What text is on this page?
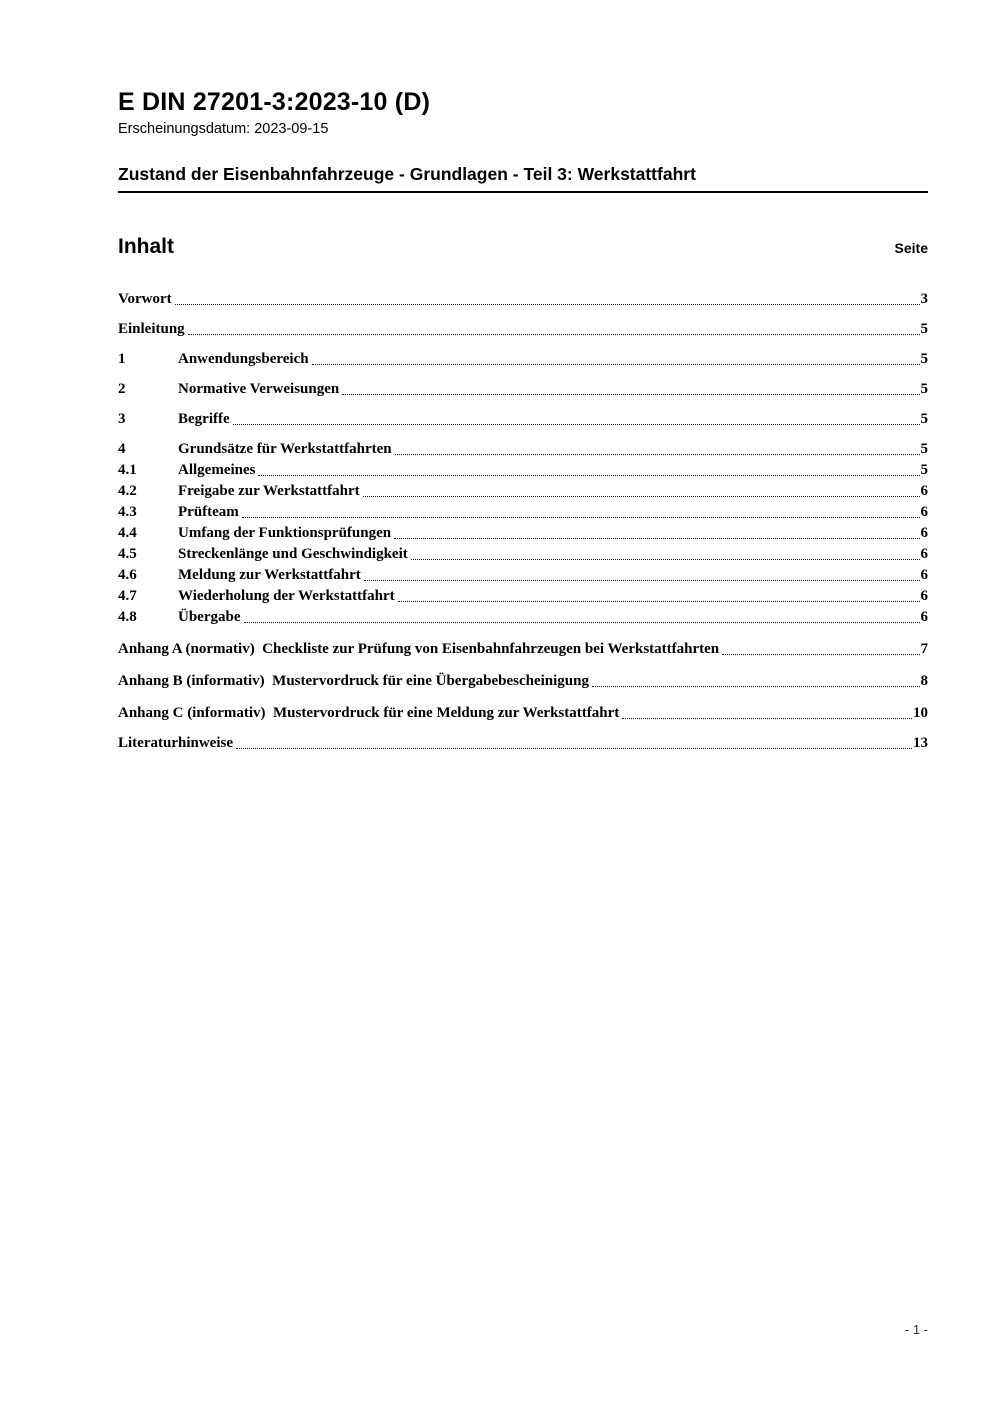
E DIN 27201-3:2023-10 (D)
Erscheinungsdatum: 2023-09-15
Zustand der Eisenbahnfahrzeuge - Grundlagen - Teil 3: Werkstattfahrt
Inhalt	Seite
Vorwort	3
Einleitung	5
1	Anwendungsbereich	5
2	Normative Verweisungen	5
3	Begriffe	5
4	Grundsätze für Werkstattfahrten	5
4.1	Allgemeines	5
4.2	Freigabe zur Werkstattfahrt	6
4.3	Prüfteam	6
4.4	Umfang der Funktionsprüfungen	6
4.5	Streckenlänge und Geschwindigkeit	6
4.6	Meldung zur Werkstattfahrt	6
4.7	Wiederholung der Werkstattfahrt	6
4.8	Übergabe	6
Anhang A (normativ)  Checkliste zur Prüfung von Eisenbahnfahrzeugen bei Werkstattfahrten	7
Anhang B (informativ)  Mustervordruck für eine Übergabebescheinigung	8
Anhang C (informativ)  Mustervordruck für eine Meldung zur Werkstattfahrt	10
Literaturhinweise	13
- 1 -
